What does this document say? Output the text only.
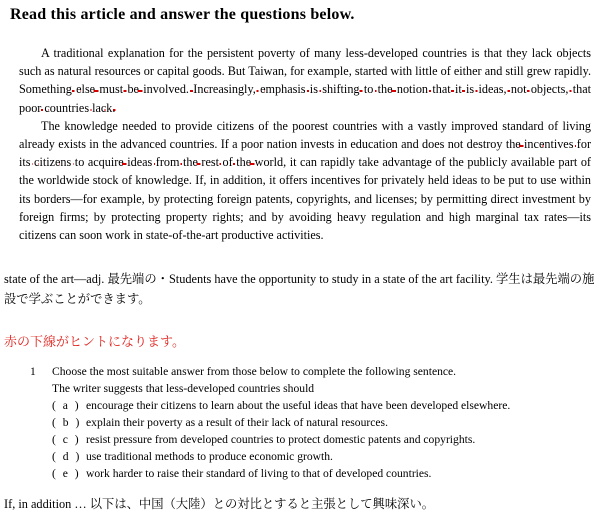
Read this article and answer the questions below.

A traditional explanation for the persistent poverty of many less-developed countries is that they lack objects such as natural resources or capital goods. But Taiwan, for example, started with little of either and still grew rapidly. Something else must be involved. Increasingly, emphasis is shifting to the notion that it is ideas, not objects, that poor countries lack.

The knowledge needed to provide citizens of the poorest countries with a vastly improved standard of living already exists in the advanced countries. If a poor nation invests in education and does not destroy the incentives for its citizens to acquire ideas from the rest of the world, it can rapidly take advantage of the publicly available part of the worldwide stock of knowledge. If, in addition, it offers incentives for privately held ideas to be put to use within its borders—for example, by protecting foreign patents, copyrights, and licenses; by permitting direct investment by foreign firms; by protecting property rights; and by avoiding heavy regulation and high marginal tax rates—its citizens can soon work in state-of-the-art productive activities.

state of the art—adj. 最先端の・Students have the opportunity to study in a state of the art facility. 学生は最先端の施設で学ぶことができます。
赤の下線がヒントになります。
1	Choose the most suitable answer from those below to complete the following sentence.
The writer suggests that less-developed countries should
( a ) encourage their citizens to learn about the useful ideas that have been developed elsewhere.
( b ) explain their poverty as a result of their lack of natural resources.
( c ) resist pressure from developed countries to protect domestic patents and copyrights.
( d ) use traditional methods to produce economic growth.
( e ) work harder to raise their standard of living to that of developed countries.
If, in addition … 以下は、中国（大陸）との対比とすると主張として興味深い。
